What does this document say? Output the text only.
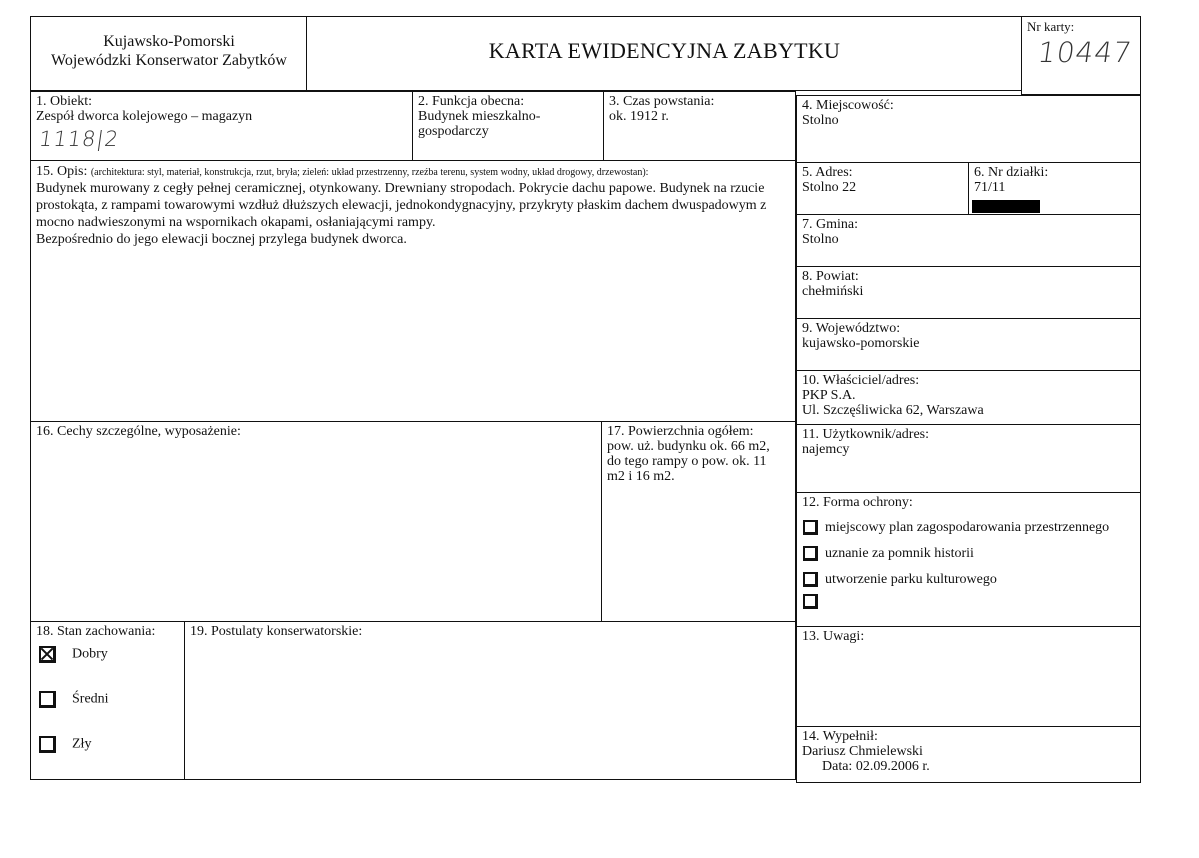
Kujawsko-Pomorski
Wojewódzki Konserwator Zabytków	KARTA EWIDENCYJNA ZABYTKU
Nr karty:
10447
1. Obiekt:
Zespół dworca kolejowego – magazyn
1118|2
2. Funkcja obecna:
Budynek mieszkalno-
gospodarczy
3. Czas powstania:
ok. 1912 r.
4. Miejscowość:
Stolno
15. Opis: (architektura: styl, materiał, konstrukcja, rzut, bryła; zieleń: układ przestrzenny, rzeźba terenu, system wodny, układ drogowy, drzewostan):
Budynek murowany z cegły pełnej ceramicznej, otynkowany. Drewniany stropodach. Pokrycie dachu papowe. Budynek na rzucie prostokąta, z rampami towarowymi wzdłuż dłuższych elewacji, jednokondygnacyjny, przykryty płaskim dachem dwuspadowym z mocno nadwieszonymi na wspornikach okapami, osłaniającymi rampy.
Bezpośrednio do jego elewacji bocznej przylega budynek dworca.
5. Adres:
Stolno 22
6. Nr działki:
71/11
7. Gmina:
Stolno
8. Powiat:
chełmiński
9. Województwo:
kujawsko-pomorskie
10. Właściciel/adres:
PKP S.A.
Ul. Szczęśliwicka 62, Warszawa
16. Cechy szczególne, wyposażenie:	17. Powierzchnia ogółem:
pow. uż. budynku ok. 66 m2,
do tego rampy o pow. ok. 11
m2 i 16 m2.
11. Użytkownik/adres:
najemcy
12. Forma ochrony:
miejscowy plan zagospodarowania przestrzennego
uznanie za pomnik historii
utworzenie parku kulturowego
18. Stan zachowania:
Dobry
Średni
Zły
19. Postulaty konserwatorskie:	13. Uwagi:
14. Wypełnił:
Dariusz Chmielewski
Data: 02.09.2006 r.
